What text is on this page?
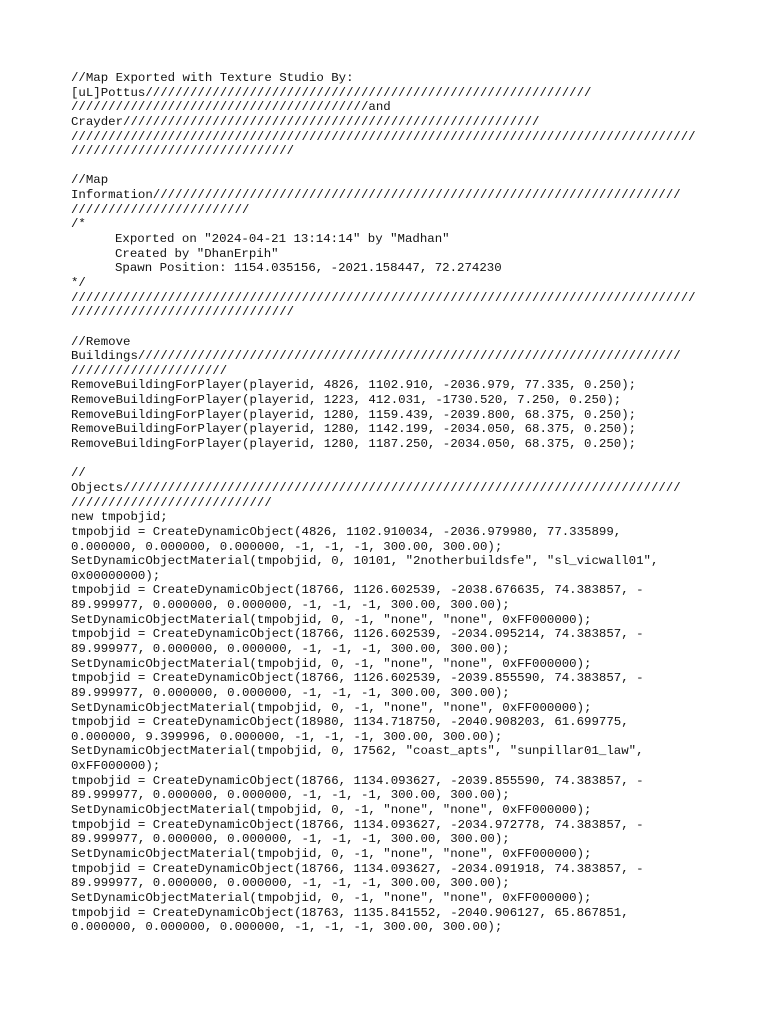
//Map Exported with Texture Studio By:
[uL]Pottus////////////////////////////////////////////////////////////
////////////////////////////////////////and
Crayder////////////////////////////////////////////////////////
////////////////////////////////////////////////////////////////////////////////////
//////////////////////////////

//Map
Information///////////////////////////////////////////////////////////////////////
////////////////////////
/*
Exported on "2024-04-21 13:14:14" by "Madhan"
Created by "DhanErpih"
Spawn Position: 1154.035156, -2021.158447, 72.274230
*/
////////////////////////////////////////////////////////////////////////////////////
//////////////////////////////

//Remove
Buildings/////////////////////////////////////////////////////////////////////////
/////////////////////
RemoveBuildingForPlayer(playerid, 4826, 1102.910, -2036.979, 77.335, 0.250);
RemoveBuildingForPlayer(playerid, 1223, 412.031, -1730.520, 7.250, 0.250);
RemoveBuildingForPlayer(playerid, 1280, 1159.439, -2039.800, 68.375, 0.250);
RemoveBuildingForPlayer(playerid, 1280, 1142.199, -2034.050, 68.375, 0.250);
RemoveBuildingForPlayer(playerid, 1280, 1187.250, -2034.050, 68.375, 0.250);

//
Objects///////////////////////////////////////////////////////////////////////////
///////////////////////////
new tmpobjid;
tmpobjid = CreateDynamicObject(4826, 1102.910034, -2036.979980, 77.335899,
0.000000, 0.000000, 0.000000, -1, -1, -1, 300.00, 300.00);
SetDynamicObjectMaterial(tmpobjid, 0, 10101, "2notherbuildsfe", "sl_vicwall01",
0x00000000);
tmpobjid = CreateDynamicObject(18766, 1126.602539, -2038.676635, 74.383857, -
89.999977, 0.000000, 0.000000, -1, -1, -1, 300.00, 300.00);
SetDynamicObjectMaterial(tmpobjid, 0, -1, "none", "none", 0xFF000000);
tmpobjid = CreateDynamicObject(18766, 1126.602539, -2034.095214, 74.383857, -
89.999977, 0.000000, 0.000000, -1, -1, -1, 300.00, 300.00);
SetDynamicObjectMaterial(tmpobjid, 0, -1, "none", "none", 0xFF000000);
tmpobjid = CreateDynamicObject(18766, 1126.602539, -2039.855590, 74.383857, -
89.999977, 0.000000, 0.000000, -1, -1, -1, 300.00, 300.00);
SetDynamicObjectMaterial(tmpobjid, 0, -1, "none", "none", 0xFF000000);
tmpobjid = CreateDynamicObject(18980, 1134.718750, -2040.908203, 61.699775,
0.000000, 9.399996, 0.000000, -1, -1, -1, 300.00, 300.00);
SetDynamicObjectMaterial(tmpobjid, 0, 17562, "coast_apts", "sunpillar01_law",
0xFF000000);
tmpobjid = CreateDynamicObject(18766, 1134.093627, -2039.855590, 74.383857, -
89.999977, 0.000000, 0.000000, -1, -1, -1, 300.00, 300.00);
SetDynamicObjectMaterial(tmpobjid, 0, -1, "none", "none", 0xFF000000);
tmpobjid = CreateDynamicObject(18766, 1134.093627, -2034.972778, 74.383857, -
89.999977, 0.000000, 0.000000, -1, -1, -1, 300.00, 300.00);
SetDynamicObjectMaterial(tmpobjid, 0, -1, "none", "none", 0xFF000000);
tmpobjid = CreateDynamicObject(18766, 1134.093627, -2034.091918, 74.383857, -
89.999977, 0.000000, 0.000000, -1, -1, -1, 300.00, 300.00);
SetDynamicObjectMaterial(tmpobjid, 0, -1, "none", "none", 0xFF000000);
tmpobjid = CreateDynamicObject(18763, 1135.841552, -2040.906127, 65.867851,
0.000000, 0.000000, 0.000000, -1, -1, -1, 300.00, 300.00);
